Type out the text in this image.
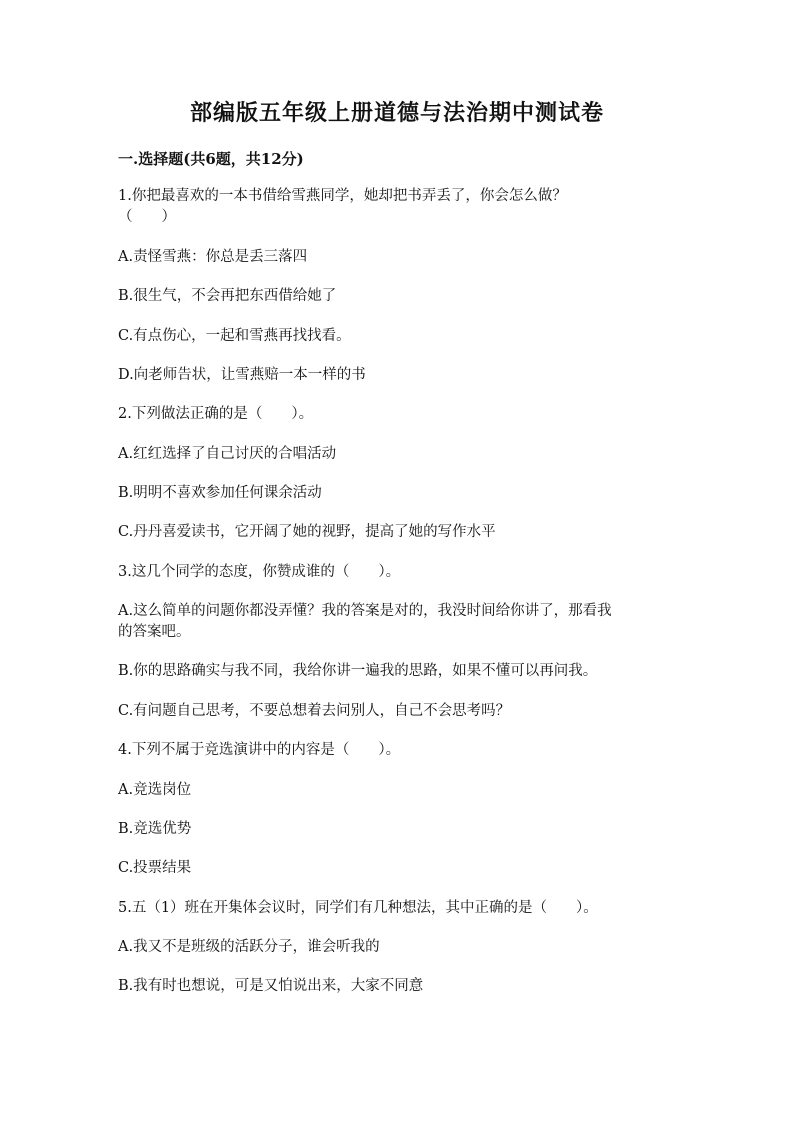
部编版五年级上册道德与法治期中测试卷
一.选择题(共6题，共12分)
1.你把最喜欢的一本书借给雪燕同学，她却把书弄丢了，你会怎么做？
（　　）
A.责怪雪燕：你总是丢三落四
B.很生气，不会再把东西借给她了
C.有点伤心，一起和雪燕再找找看。
D.向老师告状，让雪燕赔一本一样的书
2.下列做法正确的是（　　）。
A.红红选择了自己讨厌的合唱活动
B.明明不喜欢参加任何课余活动
C.丹丹喜爱读书，它开阔了她的视野，提高了她的写作水平
3.这几个同学的态度，你赞成谁的（　　）。
A.这么简单的问题你都没弄懂？我的答案是对的，我没时间给你讲了，那看我
的答案吧。
B.你的思路确实与我不同，我给你讲一遍我的思路，如果不懂可以再问我。
C.有问题自己思考，不要总想着去问别人，自己不会思考吗？
4.下列不属于竞选演讲中的内容是（　　）。
A.竞选岗位
B.竞选优势
C.投票结果
5.五（1）班在开集体会议时，同学们有几种想法，其中正确的是（　　）。
A.我又不是班级的活跃分子，谁会听我的
B.我有时也想说，可是又怕说出来，大家不同意
